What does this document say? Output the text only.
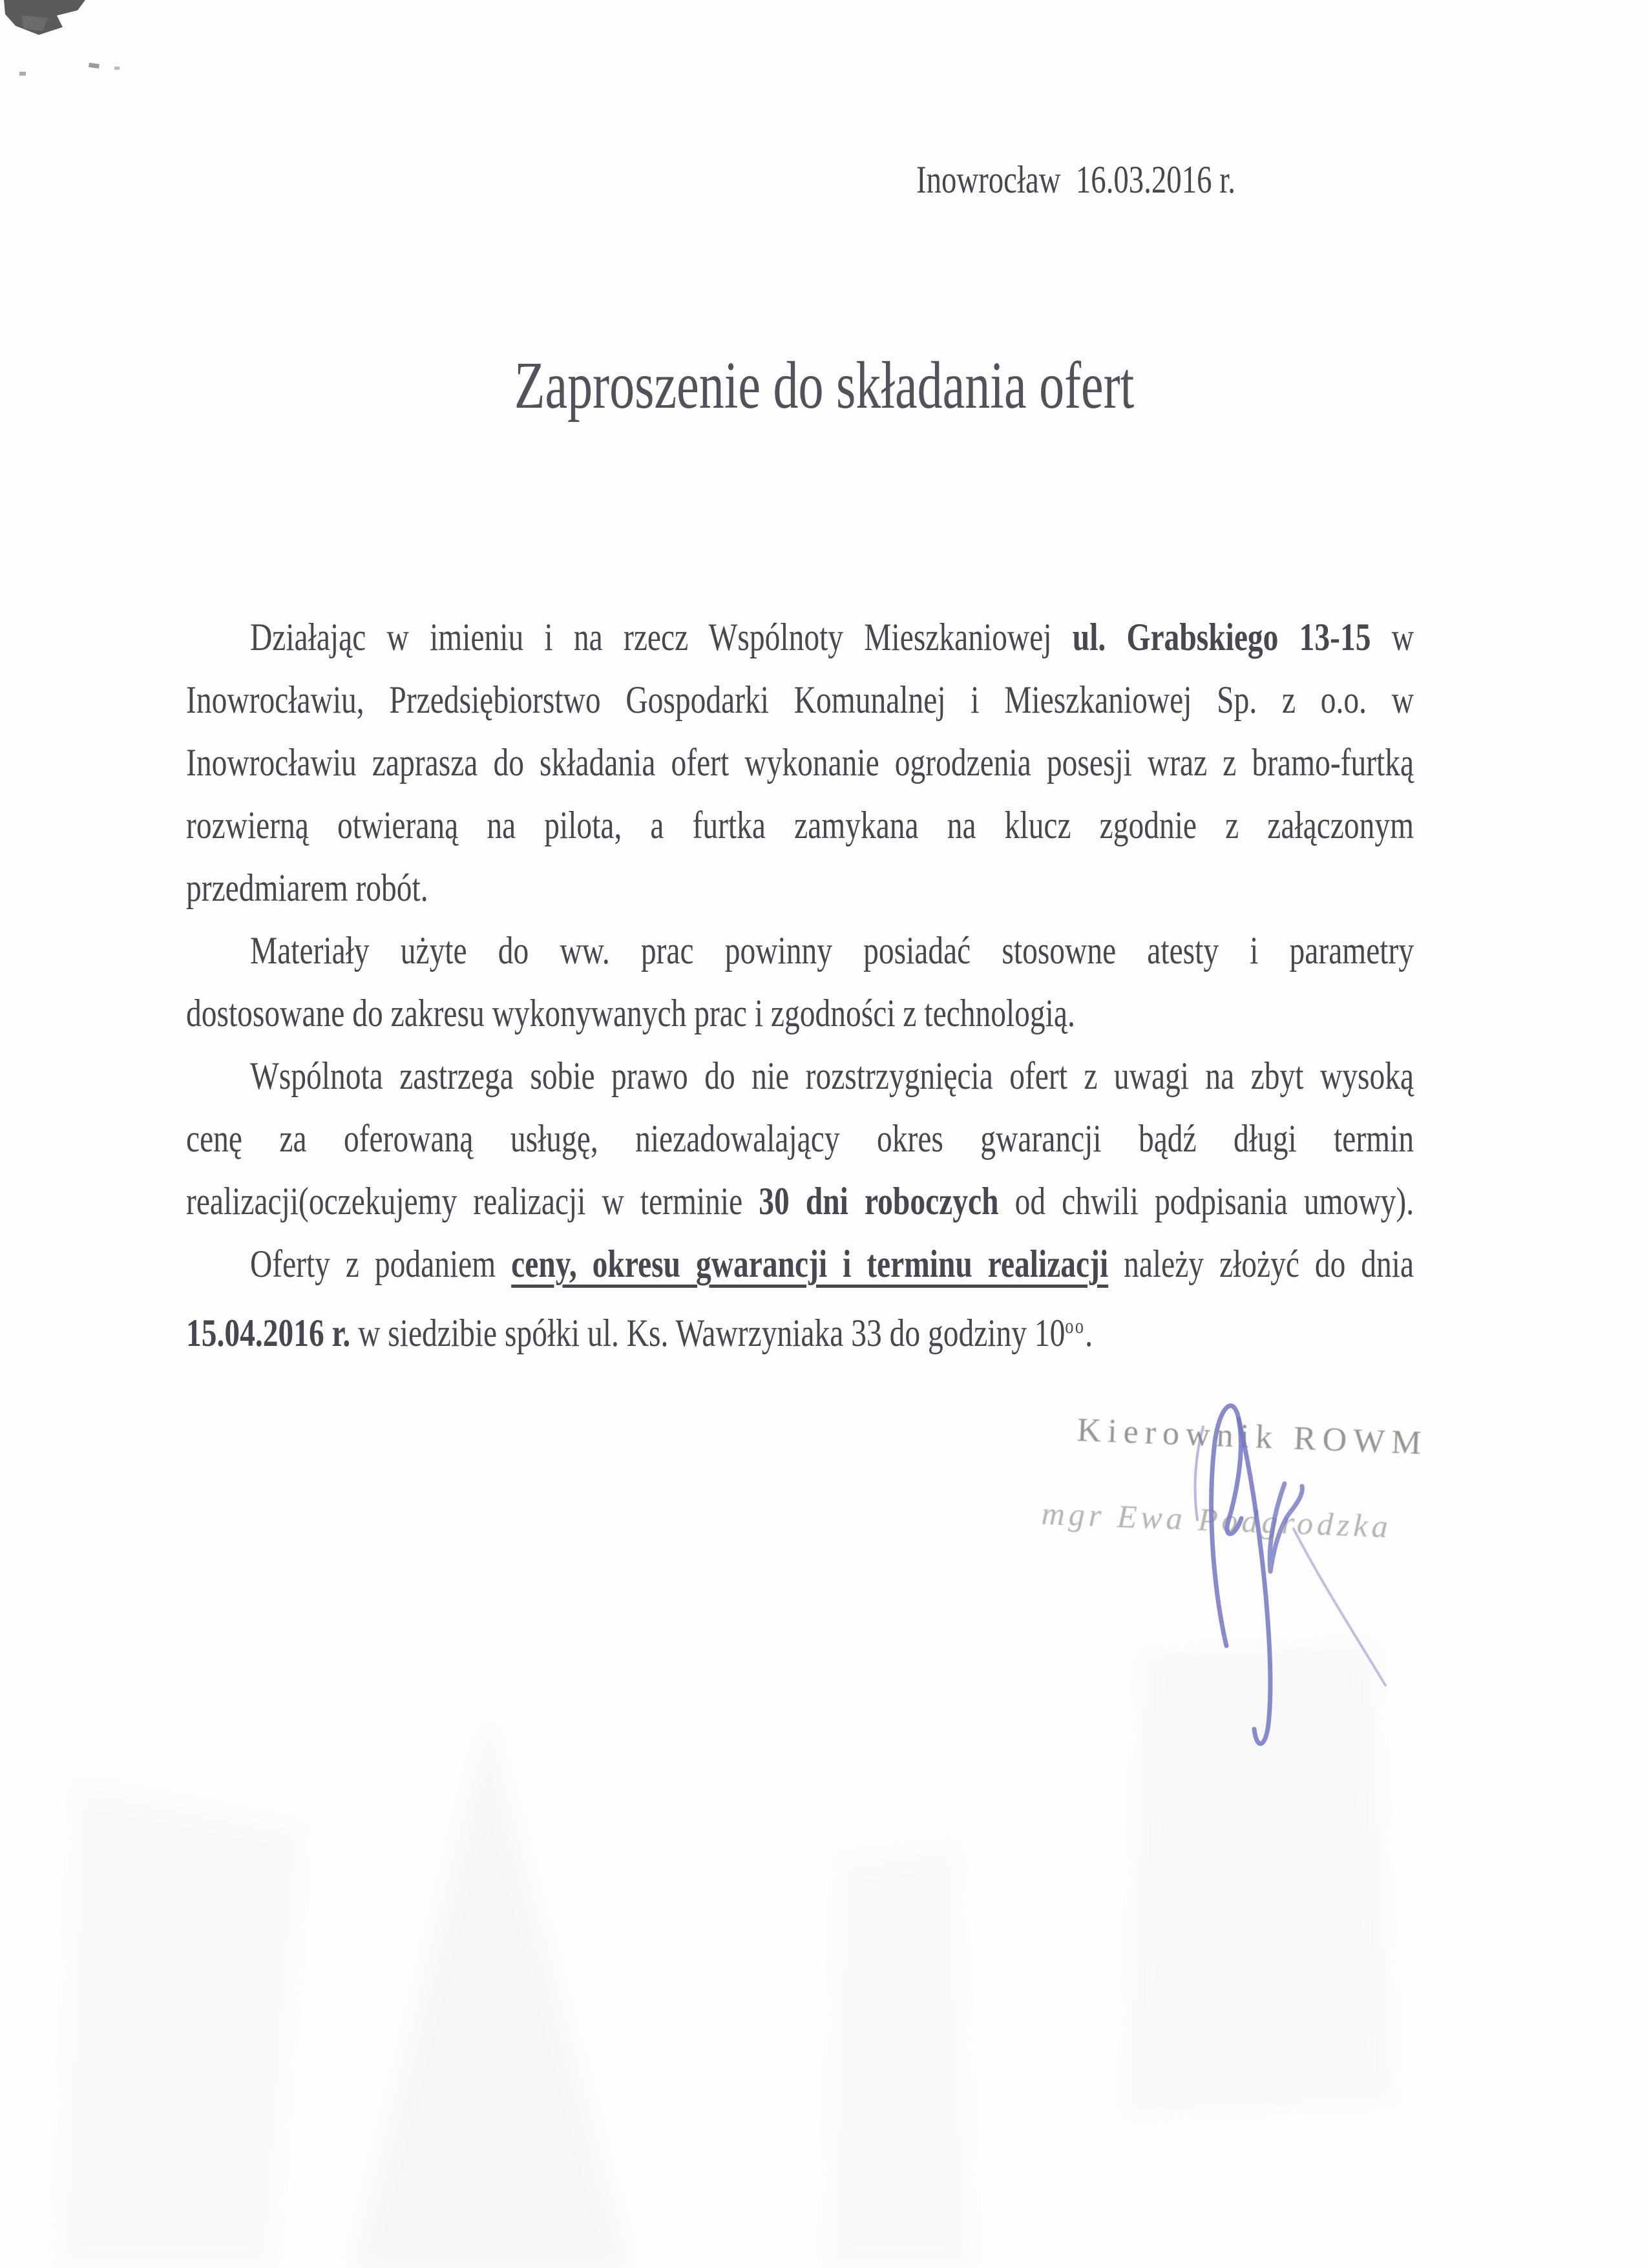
Inowrocław  16.03.2016 r.
Zaproszenie do składania ofert
Działając w imieniu i na rzecz Wspólnoty Mieszkaniowej ul. Grabskiego 13-15 w
Inowrocławiu, Przedsiębiorstwo Gospodarki Komunalnej i Mieszkaniowej Sp. z o.o. w
Inowrocławiu zaprasza do składania ofert wykonanie ogrodzenia posesji wraz z bramo-furtką
rozwierną otwieraną na pilota, a furtka zamykana na klucz zgodnie z załączonym
przedmiarem robót.
Materiały użyte do ww. prac powinny posiadać stosowne atesty i parametry
dostosowane do zakresu wykonywanych prac i zgodności z technologią.
Wspólnota zastrzega sobie prawo do nie rozstrzygnięcia ofert z uwagi na zbyt wysoką
cenę za oferowaną usługę, niezadowalający okres gwarancji bądź długi termin
realizacji(oczekujemy realizacji w terminie 30 dni roboczych od chwili podpisania umowy).
Oferty z podaniem ceny, okresu gwarancji i terminu realizacji należy złożyć do dnia
15.04.2016 r. w siedzibie spółki ul. Ks. Wawrzyniaka 33 do godziny $10^{oo}$.
Kierownik ROWM
mgr Ewa Podgrodzka
